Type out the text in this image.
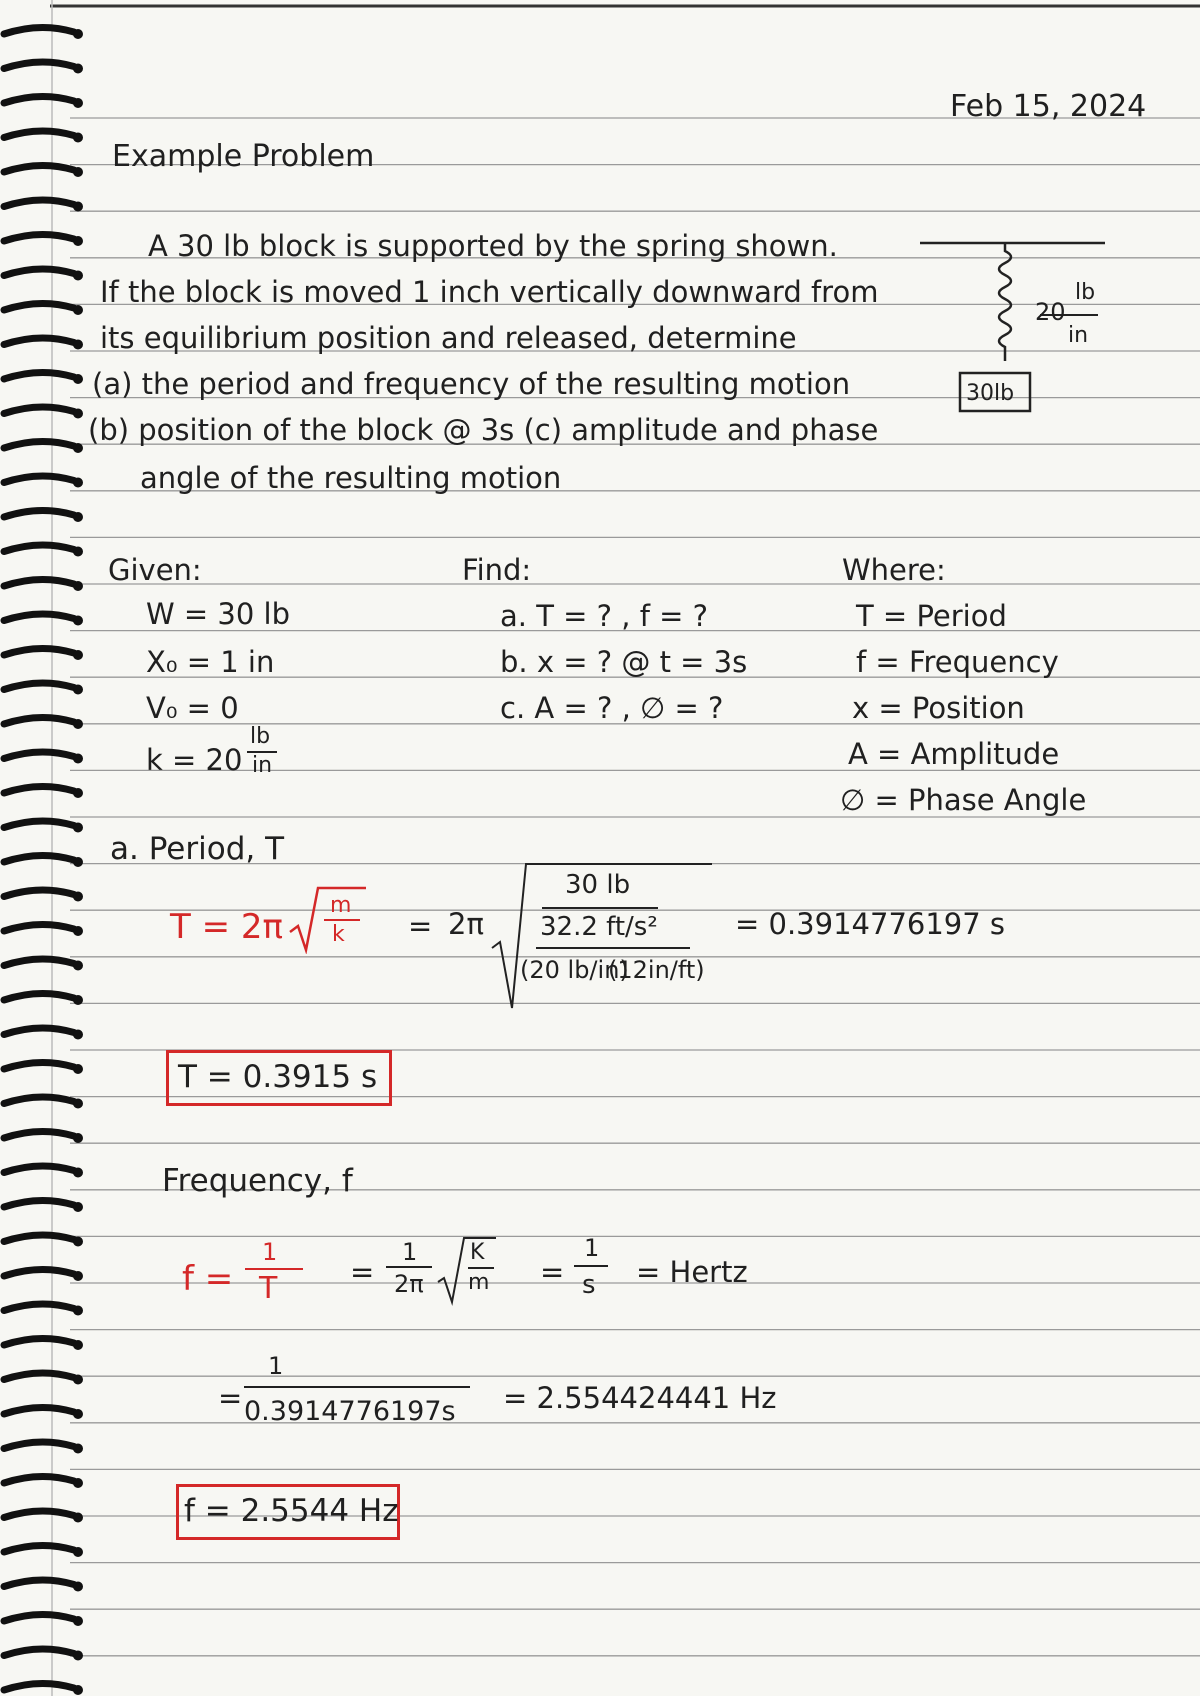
Feb 15, 2024
Example Problem
A 30 lb block is supported by the spring shown.
If the block is moved 1 inch vertically downward from
its equilibrium position and released, determine
(a) the period and frequency of the resulting motion
(b) position of the block @ 3s (c) amplitude and phase
angle of the resulting motion
20
lb
in
30lb
Given:
W = 30 lb
X₀ = 1 in
V₀ = 0
k = 20
lb
in
Find:
a. T = ? , f = ?
b. x = ? @ t = 3s
c. A = ? , ∅ = ?
Where:
T = Period
f = Frequency
x = Position
A = Amplitude
∅ = Phase Angle
a. Period, T
T = 2π
m
k = 2π
30 lb
32.2 ft/s²
(20 lb/in)
(12in/ft)
= 0.3914776197 s
T = 0.3915 s
Frequency, f
f =
1
T	=
1
2π
K
m =
1
s = Hertz
=
1
0.3914776197s = 2.554424441 Hz
f = 2.5544 Hz
